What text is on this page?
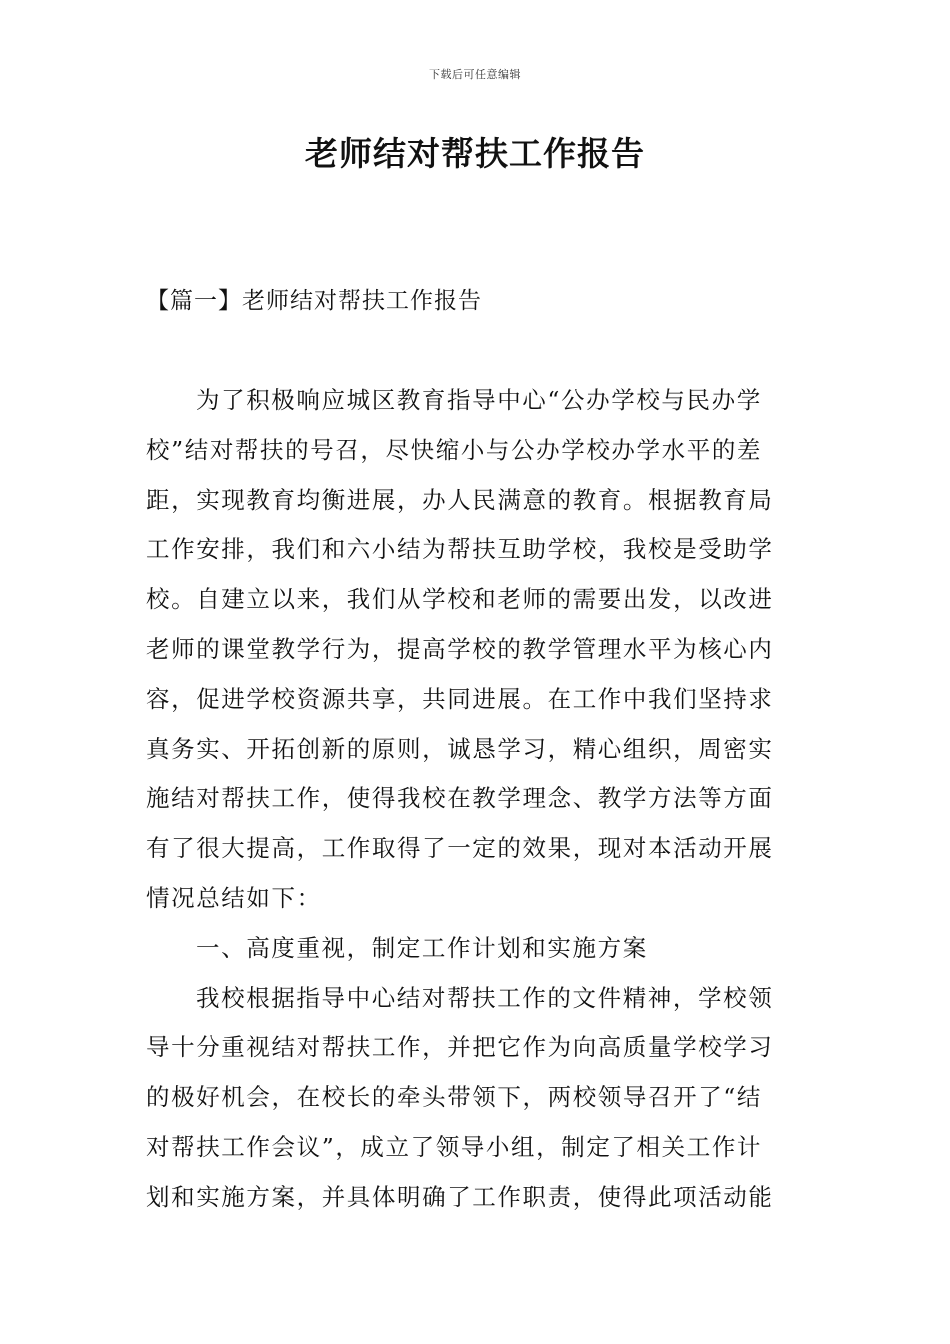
下载后可任意编辑
老师结对帮扶工作报告
【篇一】老师结对帮扶工作报告
为了积极响应城区教育指导中心“公办学校与民办学
校”结对帮扶的号召，尽快缩小与公办学校办学水平的差
距，实现教育均衡进展，办人民满意的教育。根据教育局
工作安排，我们和六小结为帮扶互助学校，我校是受助学
校。自建立以来，我们从学校和老师的需要出发，以改进
老师的课堂教学行为，提高学校的教学管理水平为核心内
容，促进学校资源共享，共同进展。在工作中我们坚持求
真务实、开拓创新的原则，诚恳学习，精心组织，周密实
施结对帮扶工作，使得我校在教学理念、教学方法等方面
有了很大提高，工作取得了一定的效果，现对本活动开展
情况总结如下：
一、高度重视，制定工作计划和实施方案
我校根据指导中心结对帮扶工作的文件精神，学校领
导十分重视结对帮扶工作，并把它作为向高质量学校学习
的极好机会，在校长的牵头带领下，两校领导召开了“结
对帮扶工作会议”，成立了领导小组，制定了相关工作计
划和实施方案，并具体明确了工作职责，使得此项活动能
